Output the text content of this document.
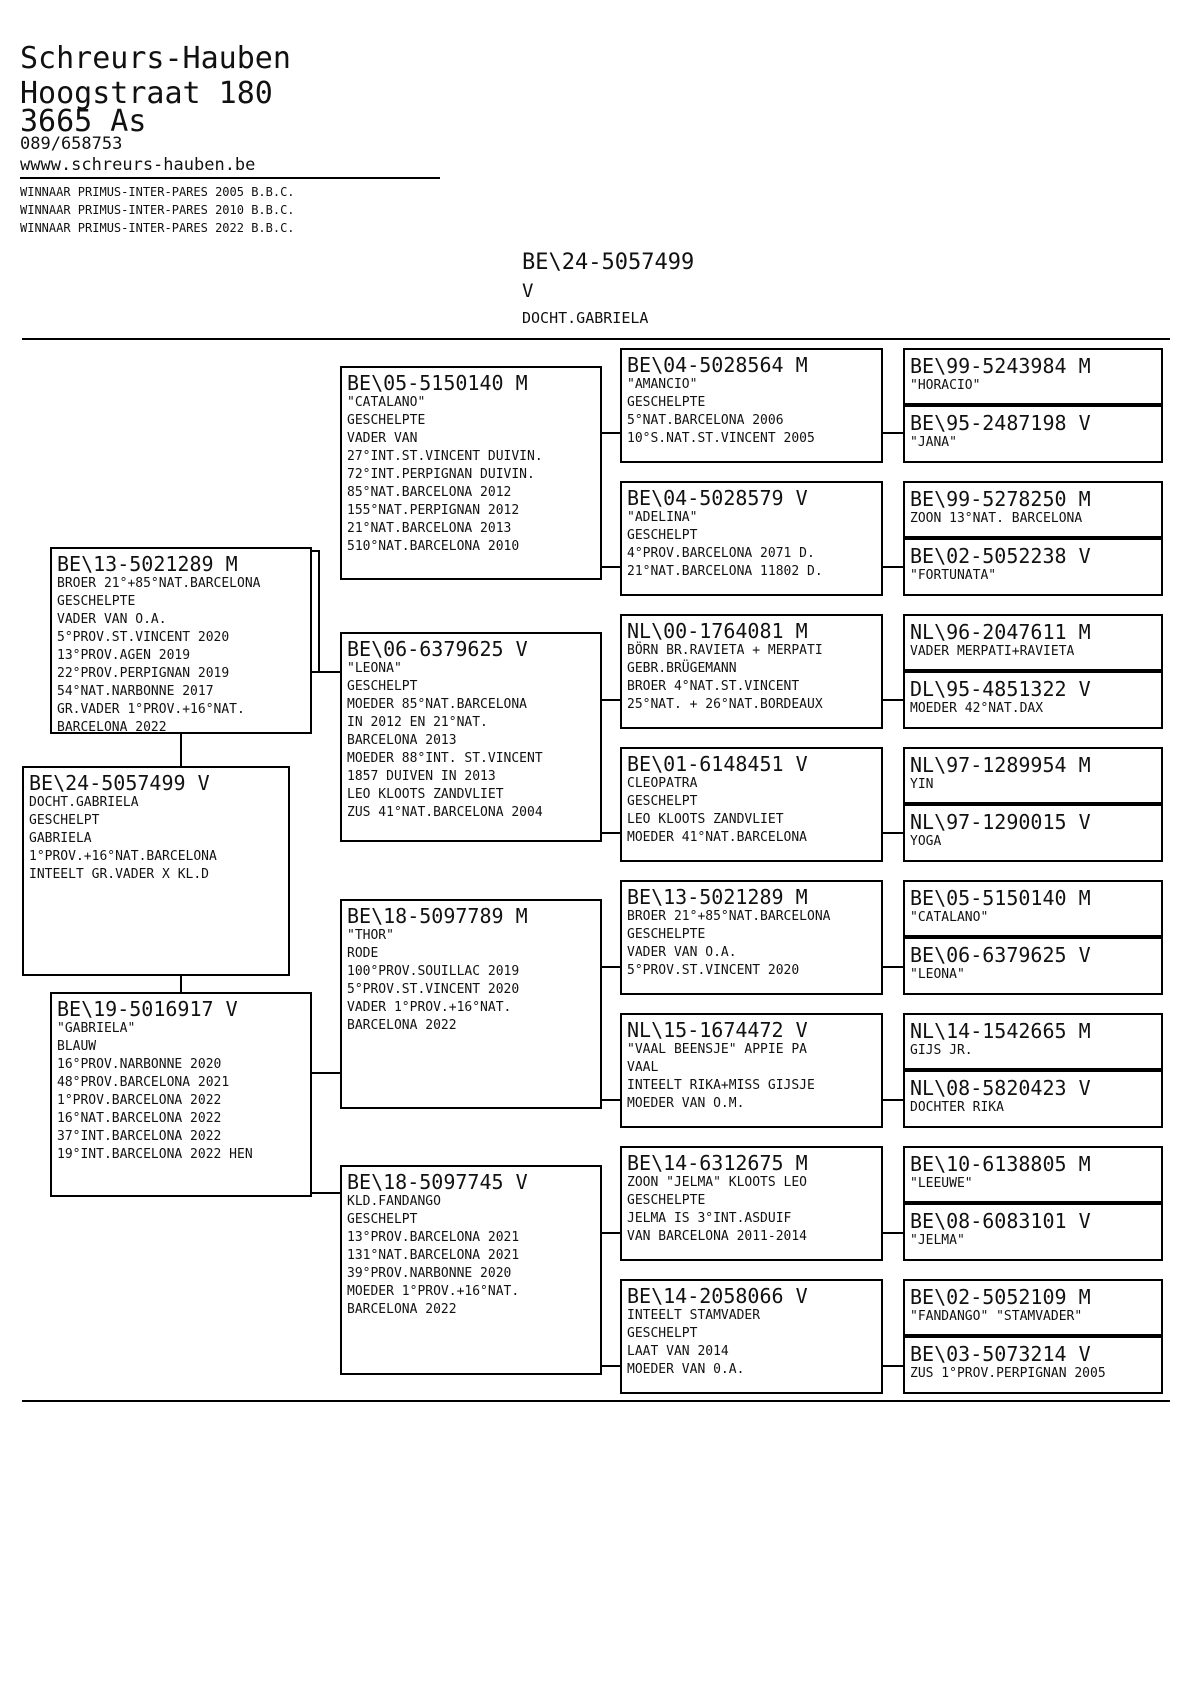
Schreurs-Hauben
Hoogstraat 180
3665 As
089/658753
wwww.schreurs-hauben.be
WINNAAR PRIMUS-INTER-PARES 2005 B.B.C.
WINNAAR PRIMUS-INTER-PARES 2010 B.B.C.
WINNAAR PRIMUS-INTER-PARES 2022 B.B.C.
BE\24-5057499
V
DOCHT.GABRIELA
BE\24-5057499 V
DOCHT.GABRIELA
GESCHELPT
GABRIELA
1°PROV.+16°NAT.BARCELONA
INTEELT GR.VADER X KL.D
BE\13-5021289 M
BROER 21°+85°NAT.BARCELONA
GESCHELPTE
VADER VAN O.A.
5°PROV.ST.VINCENT 2020
13°PROV.AGEN 2019
22°PROV.PERPIGNAN 2019
54°NAT.NARBONNE 2017
GR.VADER 1°PROV.+16°NAT.
BARCELONA 2022
BE\19-5016917 V
"GABRIELA"
BLAUW
16°PROV.NARBONNE 2020
48°PROV.BARCELONA 2021
1°PROV.BARCELONA 2022
16°NAT.BARCELONA 2022
37°INT.BARCELONA 2022
19°INT.BARCELONA 2022 HEN
BE\05-5150140 M
"CATALANO"
GESCHELPTE
VADER VAN
27°INT.ST.VINCENT DUIVIN.
72°INT.PERPIGNAN DUIVIN.
85°NAT.BARCELONA 2012
155°NAT.PERPIGNAN 2012
21°NAT.BARCELONA 2013
510°NAT.BARCELONA 2010
BE\06-6379625 V
"LEONA"
GESCHELPT
MOEDER 85°NAT.BARCELONA
IN 2012 EN 21°NAT.
BARCELONA 2013
MOEDER 88°INT. ST.VINCENT
1857 DUIVEN IN 2013
LEO KLOOTS ZANDVLIET
ZUS 41°NAT.BARCELONA 2004
BE\18-5097789 M
"THOR"
RODE
100°PROV.SOUILLAC 2019
5°PROV.ST.VINCENT 2020
VADER 1°PROV.+16°NAT.
BARCELONA 2022
BE\18-5097745 V
KLD.FANDANGO
GESCHELPT
13°PROV.BARCELONA 2021
131°NAT.BARCELONA 2021
39°PROV.NARBONNE 2020
MOEDER 1°PROV.+16°NAT.
BARCELONA 2022
BE\04-5028564 M
"AMANCIO"
GESCHELPTE
5°NAT.BARCELONA 2006
10°S.NAT.ST.VINCENT 2005
BE\04-5028579 V
"ADELINA"
GESCHELPT
4°PROV.BARCELONA 2071 D.
21°NAT.BARCELONA 11802 D.
NL\00-1764081 M
BÖRN BR.RAVIETA + MERPATI
GEBR.BRÜGEMANN
BROER 4°NAT.ST.VINCENT
25°NAT. + 26°NAT.BORDEAUX
BE\01-6148451 V
CLEOPATRA
GESCHELPT
LEO KLOOTS ZANDVLIET
MOEDER 41°NAT.BARCELONA
BE\13-5021289 M
BROER 21°+85°NAT.BARCELONA
GESCHELPTE
VADER VAN O.A.
5°PROV.ST.VINCENT 2020
NL\15-1674472 V
"VAAL BEENSJE" APPIE PA
VAAL
INTEELT RIKA+MISS GIJSJE
MOEDER VAN O.M.
BE\14-6312675 M
ZOON "JELMA" KLOOTS LEO
GESCHELPTE
JELMA IS 3°INT.ASDUIF
VAN BARCELONA 2011-2014
BE\14-2058066 V
INTEELT STAMVADER
GESCHELPT
LAAT VAN 2014
MOEDER VAN 0.A.
BE\99-5243984 M
"HORACIO"
BE\95-2487198 V
"JANA"
BE\99-5278250 M
ZOON 13°NAT. BARCELONA
BE\02-5052238 V
"FORTUNATA"
NL\96-2047611 M
VADER MERPATI+RAVIETA
DL\95-4851322 V
MOEDER 42°NAT.DAX
NL\97-1289954 M
YIN
NL\97-1290015 V
YOGA
BE\05-5150140 M
"CATALANO"
BE\06-6379625 V
"LEONA"
NL\14-1542665 M
GIJS JR.
NL\08-5820423 V
DOCHTER RIKA
BE\10-6138805 M
"LEEUWE"
BE\08-6083101 V
"JELMA"
BE\02-5052109 M
"FANDANGO" "STAMVADER"
BE\03-5073214 V
ZUS 1°PROV.PERPIGNAN 2005
